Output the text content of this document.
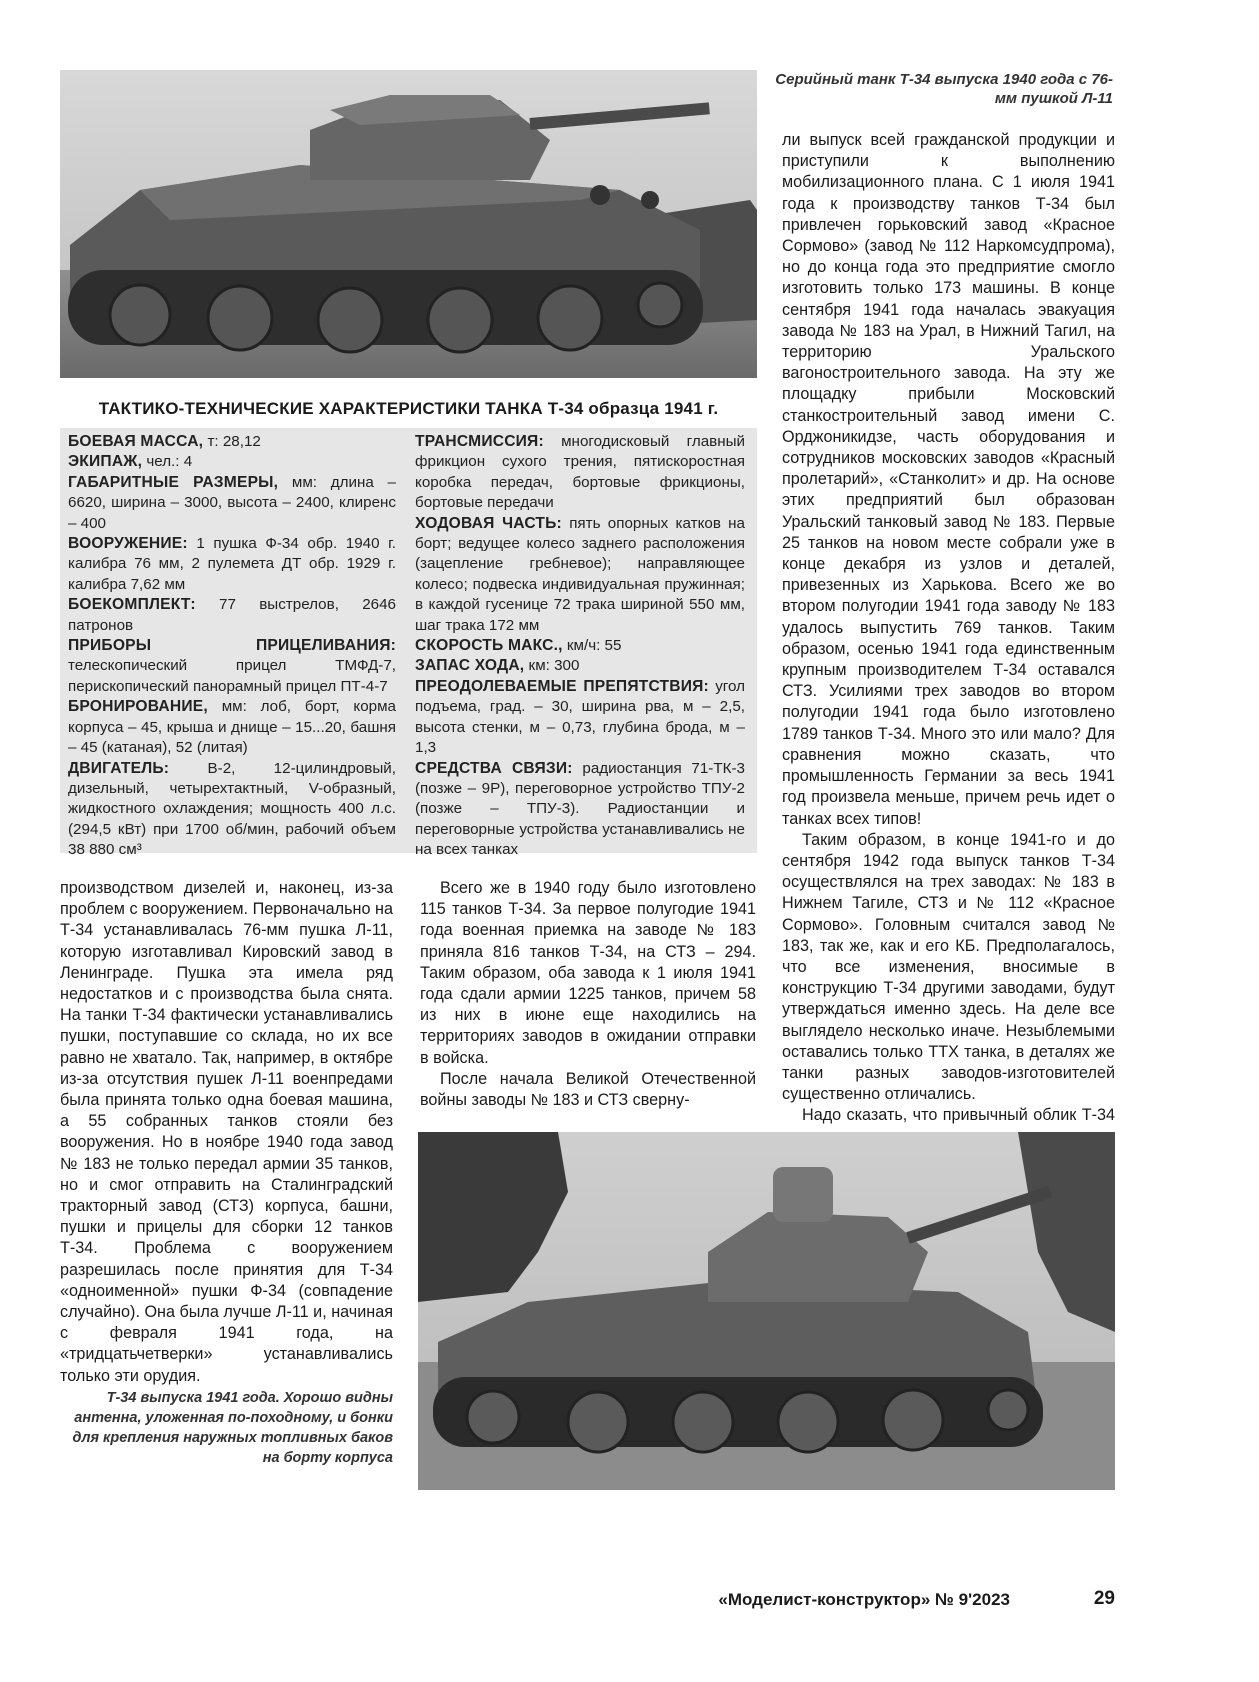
Серийный танк Т-34 выпуска 1940 года с 76-мм пушкой Л-11
ТАКТИКО-ТЕХНИЧЕСКИЕ ХАРАКТЕРИСТИКИ ТАНКА Т-34 образца 1941 г.

БОЕВАЯ МАССА, т: 28,12

ЭКИПАЖ, чел.: 4

ГАБАРИТНЫЕ РАЗМЕРЫ, мм: длина – 6620, ширина – 3000, высота – 2400, клиренс – 400

ВООРУЖЕНИЕ: 1 пушка Ф-34 обр. 1940 г. калибра 76 мм, 2 пулемета ДТ обр. 1929 г. калибра 7,62 мм

БОЕКОМПЛЕКТ: 77 выстрелов, 2646 патронов

ПРИБОРЫ ПРИЦЕЛИВАНИЯ: телескопический прицел ТМФД-7, перископический панорамный прицел ПТ-4-7

БРОНИРОВАНИЕ, мм: лоб, борт, корма корпуса – 45, крыша и днище – 15...20, башня – 45 (катаная), 52 (литая)

ДВИГАТЕЛЬ: В-2, 12-цилиндровый, дизельный, четырехтактный, V-образный, жидкостного охлаждения; мощность 400 л.с. (294,5 кВт) при 1700 об/мин, рабочий объем 38 880 см³

ТРАНСМИССИЯ: многодисковый главный фрикцион сухого трения, пятискоростная коробка передач, бортовые фрикционы, бортовые передачи

ХОДОВАЯ ЧАСТЬ: пять опорных катков на борт; ведущее колесо заднего расположения (зацепление гребневое); направляющее колесо; подвеска индивидуальная пружинная; в каждой гусенице 72 трака шириной 550 мм, шаг трака 172 мм

СКОРОСТЬ МАКС., км/ч: 55

ЗАПАС ХОДА, км: 300

ПРЕОДОЛЕВАЕМЫЕ ПРЕПЯТСТВИЯ: угол подъема, град. – 30, ширина рва, м – 2,5, высота стенки, м – 0,73, глубина брода, м – 1,3

СРЕДСТВА СВЯЗИ: радиостанция 71-ТК-3 (позже – 9Р), переговорное устройство ТПУ-2 (позже – ТПУ-3). Радиостанции и переговорные устройства устанавливались не на всех танках

ли выпуск всей гражданской продукции и приступили к выполнению мобилизационного плана. С 1 июля 1941 года к производству танков Т-34 был привлечен горьковский завод «Красное Сормово» (завод № 112 Наркомсудпрома), но до конца года это предприятие смогло изготовить только 173 машины. В конце сентября 1941 года началась эвакуация завода № 183 на Урал, в Нижний Тагил, на территорию Уральского вагоностроительного завода. На эту же площадку прибыли Московский станкостроительный завод имени С. Орджоникидзе, часть оборудования и сотрудников московских заводов «Красный пролетарий», «Станколит» и др. На основе этих предприятий был образован Уральский танковый завод № 183. Первые 25 танков на новом месте собрали уже в конце декабря из узлов и деталей, привезенных из Харькова. Всего же во втором полугодии 1941 года заводу № 183 удалось выпустить 769 танков. Таким образом, осенью 1941 года единственным крупным производителем Т-34 оставался СТЗ. Усилиями трех заводов во втором полугодии 1941 года было изготовлено 1789 танков Т-34. Много это или мало? Для сравнения можно сказать, что промышленность Германии за весь 1941 год произвела меньше, причем речь идет о танках всех типов!

Таким образом, в конце 1941-го и до сентября 1942 года выпуск танков Т-34 осуществлялся на трех заводах: № 183 в Нижнем Тагиле, СТЗ и № 112 «Красное Сормово». Головным считался завод № 183, так же, как и его КБ. Предполагалось, что все изменения, вносимые в конструкцию Т-34 другими заводами, будут утверждаться именно здесь. На деле все выглядело несколько иначе. Незыблемыми оставались только ТТХ танка, в деталях же танки разных заводов-изготовителей существенно отличались.

Надо сказать, что привычный облик Т-34

производством дизелей и, наконец, из-за проблем с вооружением. Первоначально на Т-34 устанавливалась 76-мм пушка Л-11, которую изготавливал Кировский завод в Ленинграде. Пушка эта имела ряд недостатков и с производства была снята. На танки Т-34 фактически устанавливались пушки, поступавшие со склада, но их все равно не хватало. Так, например, в октябре из-за отсутствия пушек Л-11 военпредами была принята только одна боевая машина, а 55 собранных танков стояли без вооружения. Но в ноябре 1940 года завод № 183 не только передал армии 35 танков, но и смог отправить на Сталинградский тракторный завод (СТЗ) корпуса, башни, пушки и прицелы для сборки 12 танков Т-34. Проблема с вооружением разрешилась после принятия для Т-34 «одноименной» пушки Ф-34 (совпадение случайно). Она была лучше Л-11 и, начиная с февраля 1941 года, на «тридцатьчетверки» устанавливались только эти орудия.

Всего же в 1940 году было изготовлено 115 танков Т-34. За первое полугодие 1941 года военная приемка на заводе № 183 приняла 816 танков Т-34, на СТЗ – 294. Таким образом, оба завода к 1 июля 1941 года сдали армии 1225 танков, причем 58 из них в июне еще находились на территориях заводов в ожидании отправки в войска.

После начала Великой Отечественной войны заводы № 183 и СТЗ сверну-

Т-34 выпуска 1941 года. Хорошо видны антенна, уложенная по-походному, и бонки для крепления наружных топливных баков на борту корпуса
«Моделист-конструктор» № 9'2023	29
